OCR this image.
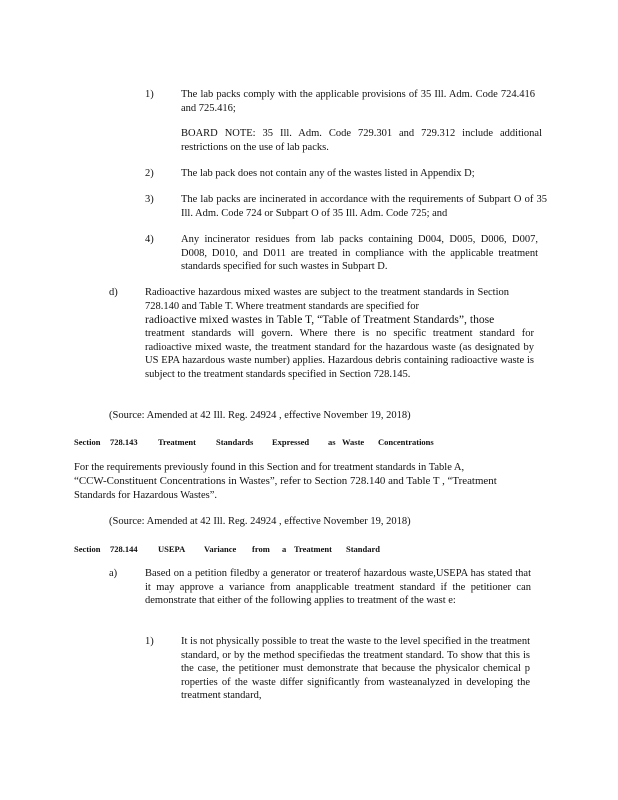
1)	The lab packs comply with the applicable provisions of 35 Ill. Adm. Code 724.416 and 725.416;
BOARD NOTE: 35 Ill. Adm. Code 729.301 and 729.312 include additional restrictions on the use of lab packs.
2)	The lab pack does not contain any of the wastes listed in Appendix D;
3)	The lab packs are incinerated in accordance with the requirements of Subpart O of 35 Ill. Adm. Code 724 or Subpart O of 35 Ill. Adm. Code 725; and
4)	Any incinerator residues from lab packs containing D004, D005, D006, D007, D008, D010, and D011 are treated in compliance with the applicable treatment standards specified for such wastes in Subpart D.
d)	Radioactive hazardous mixed wastes are subject to the treatment standards in Section 728.140 and Table T. Where treatment standards are specified for
radioactive mixed wastes in Table T, “Table of Treatment Standards”, those
treatment standards will govern. Where there is no specific treatment standard for radioactive mixed waste, the treatment standard for the hazardous waste (as designated by US EPA hazardous waste number) applies. Hazardous debris containing radioactive waste is subject to the treatment standards specified in Section 728.145.
(Source: Amended at 42 Ill. Reg. 24924 , effective November 19, 2018)
Section 728.143 Treatment Standards Expressed as Waste Concentrations
For the requirements previously found in this Section and for treatment standards in Table A,
“CCW-Constituent Concentrations in Wastes”, refer to Section 728.140 and Table T , “Treatment
Standards for Hazardous Wastes”.
(Source: Amended at 42 Ill. Reg. 24924 , effective November 19, 2018)
Section 728.144 USEPA Variance from a Treatment Standard
a)	Based on a petition filedby a generator or treaterof hazardous waste,USEPA has stated that it may approve a variance from anapplicable treatment standard if the petitioner can demonstrate that either of the following applies to treatment of the wast e:
1)	It is not physically possible to treat the waste to the level specified in the treatment standard, or by the method specifiedas the treatment standard. To show that this is the case, the petitioner must demonstrate that because the physicalor chemical p roperties of the waste differ significantly from wasteanalyzed in developing the treatment standard,
